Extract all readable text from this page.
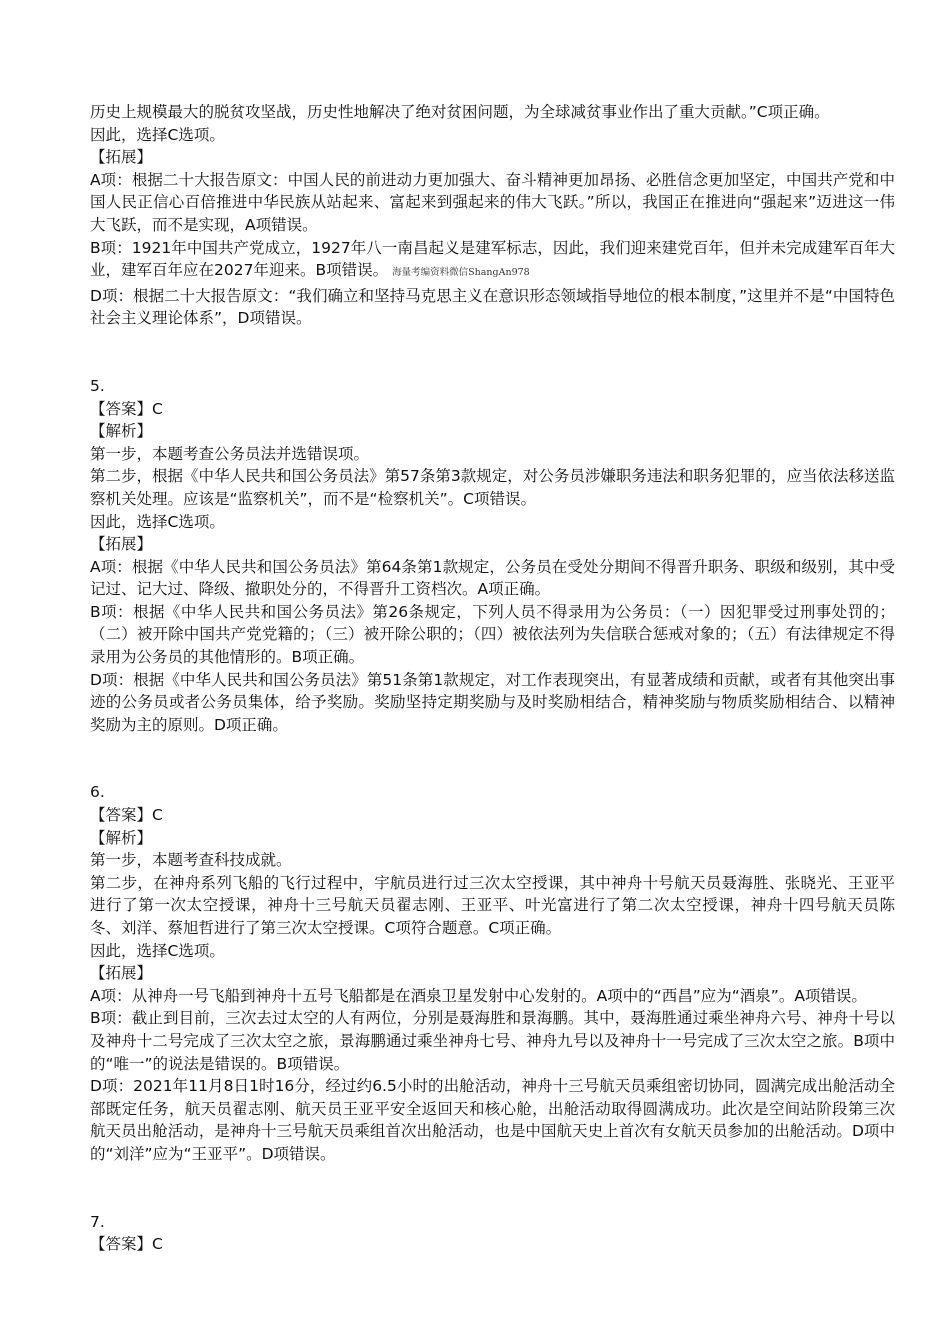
历史上规模最大的脱贫攻坚战，历史性地解决了绝对贫困问题，为全球减贫事业作出了重大贡献。”C项正确。

因此，选择C选项。

【拓展】

A项：根据二十大报告原文：中国人民的前进动力更加强大、奋斗精神更加昂扬、必胜信念更加坚定，中国共产党和中国人民正信心百倍推进中华民族从站起来、富起来到强起来的伟大飞跃。”所以，我国正在推进向“强起来”迈进这一伟大飞跃，而不是实现，A项错误。

B项：1921年中国共产党成立，1927年八一南昌起义是建军标志，因此，我们迎来建党百年，但并未完成建军百年大业，建军百年应在2027年迎来。B项错误。 海量考编资料微信ShangAn978

D项：根据二十大报告原文：“我们确立和坚持马克思主义在意识形态领域指导地位的根本制度，”这里并不是“中国特色社会主义理论体系”，D项错误。

5.

【答案】C

【解析】

第一步，本题考查公务员法并选错误项。

第二步，根据《中华人民共和国公务员法》第57条第3款规定，对公务员涉嫌职务违法和职务犯罪的，应当依法移送监察机关处理。应该是“监察机关”，而不是“检察机关”。C项错误。

因此，选择C选项。

【拓展】

A项：根据《中华人民共和国公务员法》第64条第1款规定，公务员在受处分期间不得晋升职务、职级和级别，其中受记过、记大过、降级、撤职处分的，不得晋升工资档次。A项正确。

B项：根据《中华人民共和国公务员法》第26条规定，下列人员不得录用为公务员：（一）因犯罪受过刑事处罚的；（二）被开除中国共产党党籍的；（三）被开除公职的；（四）被依法列为失信联合惩戒对象的；（五）有法律规定不得录用为公务员的其他情形的。B项正确。

D项：根据《中华人民共和国公务员法》第51条第1款规定，对工作表现突出，有显著成绩和贡献，或者有其他突出事迹的公务员或者公务员集体，给予奖励。奖励坚持定期奖励与及时奖励相结合，精神奖励与物质奖励相结合、以精神奖励为主的原则。D项正确。

6.

【答案】C

【解析】

第一步，本题考查科技成就。

第二步，在神舟系列飞船的飞行过程中，宇航员进行过三次太空授课，其中神舟十号航天员聂海胜、张晓光、王亚平进行了第一次太空授课，神舟十三号航天员翟志刚、王亚平、叶光富进行了第二次太空授课，神舟十四号航天员陈冬、刘洋、蔡旭哲进行了第三次太空授课。C项符合题意。C项正确。

因此，选择C选项。

【拓展】

A项：从神舟一号飞船到神舟十五号飞船都是在酒泉卫星发射中心发射的。A项中的“西昌”应为“酒泉”。A项错误。

B项：截止到目前，三次去过太空的人有两位，分别是聂海胜和景海鹏。其中，聂海胜通过乘坐神舟六号、神舟十号以及神舟十二号完成了三次太空之旅，景海鹏通过乘坐神舟七号、神舟九号以及神舟十一号完成了三次太空之旅。B项中的“唯一”的说法是错误的。B项错误。

D项：2021年11月8日1时16分，经过约6.5小时的出舱活动，神舟十三号航天员乘组密切协同，圆满完成出舱活动全部既定任务，航天员翟志刚、航天员王亚平安全返回天和核心舱，出舱活动取得圆满成功。此次是空间站阶段第三次航天员出舱活动，是神舟十三号航天员乘组首次出舱活动，也是中国航天史上首次有女航天员参加的出舱活动。D项中的“刘洋”应为“王亚平”。D项错误。

7.

【答案】C
